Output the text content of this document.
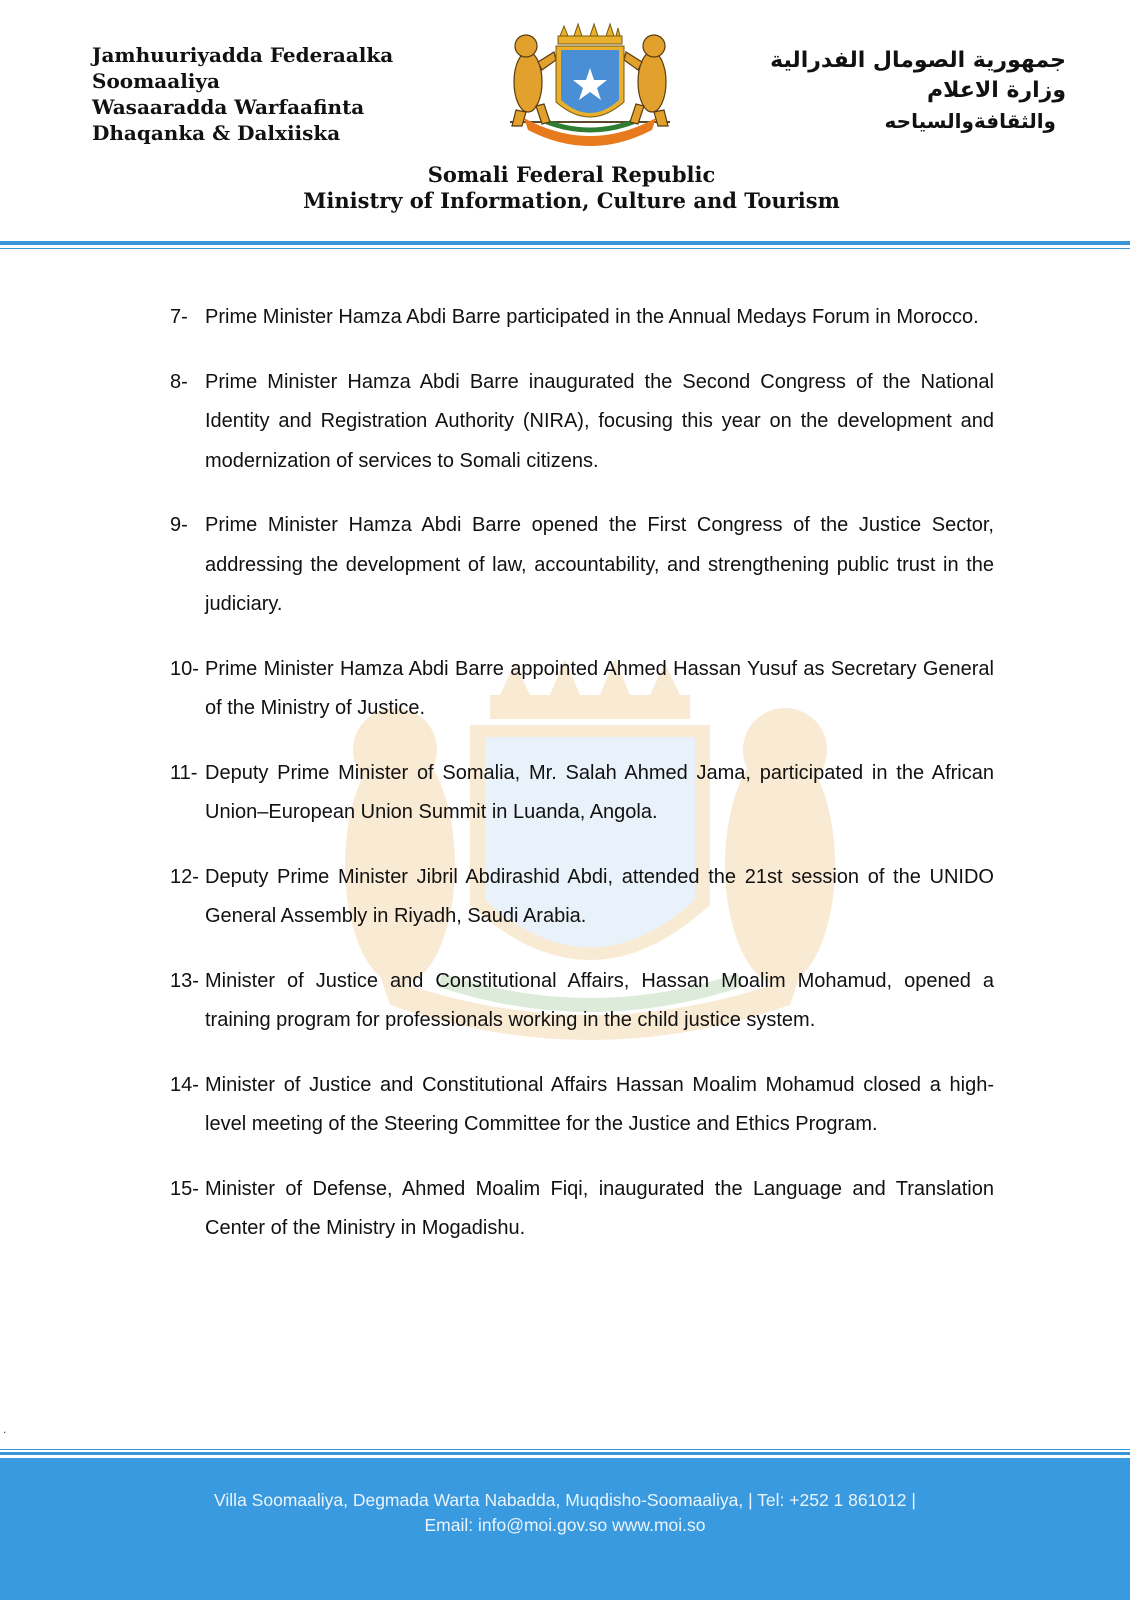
Jamhuuriyadda Federaalka
Soomaaliya
Wasaaradda Warfaafinta
Dhaqanka & Dalxiiska
جمهورية الصومال الفدرالية
وزارة الاعلام
والثقافةوالسياحه
Somali Federal Republic
Ministry of Information, Culture and Tourism
7- Prime Minister Hamza Abdi Barre participated in the Annual Medays Forum in Morocco.
8- Prime Minister Hamza Abdi Barre inaugurated the Second Congress of the National Identity and Registration Authority (NIRA), focusing this year on the development and modernization of services to Somali citizens.
9- Prime Minister Hamza Abdi Barre opened the First Congress of the Justice Sector, addressing the development of law, accountability, and strengthening public trust in the judiciary.
10- Prime Minister Hamza Abdi Barre appointed Ahmed Hassan Yusuf as Secretary General of the Ministry of Justice.
11- Deputy Prime Minister of Somalia, Mr. Salah Ahmed Jama, participated in the African Union–European Union Summit in Luanda, Angola.
12- Deputy Prime Minister Jibril Abdirashid Abdi, attended the 21st session of the UNIDO General Assembly in Riyadh, Saudi Arabia.
13- Minister of Justice and Constitutional Affairs, Hassan Moalim Mohamud, opened a training program for professionals working in the child justice system.
14- Minister of Justice and Constitutional Affairs Hassan Moalim Mohamud closed a high-level meeting of the Steering Committee for the Justice and Ethics Program.
15- Minister of Defense, Ahmed Moalim Fiqi, inaugurated the Language and Translation Center of the Ministry in Mogadishu.
.
Villa Soomaaliya, Degmada Warta Nabadda, Muqdisho-Soomaaliya, | Tel: +252 1 861012 |
Email: info@moi.gov.so www.moi.so
